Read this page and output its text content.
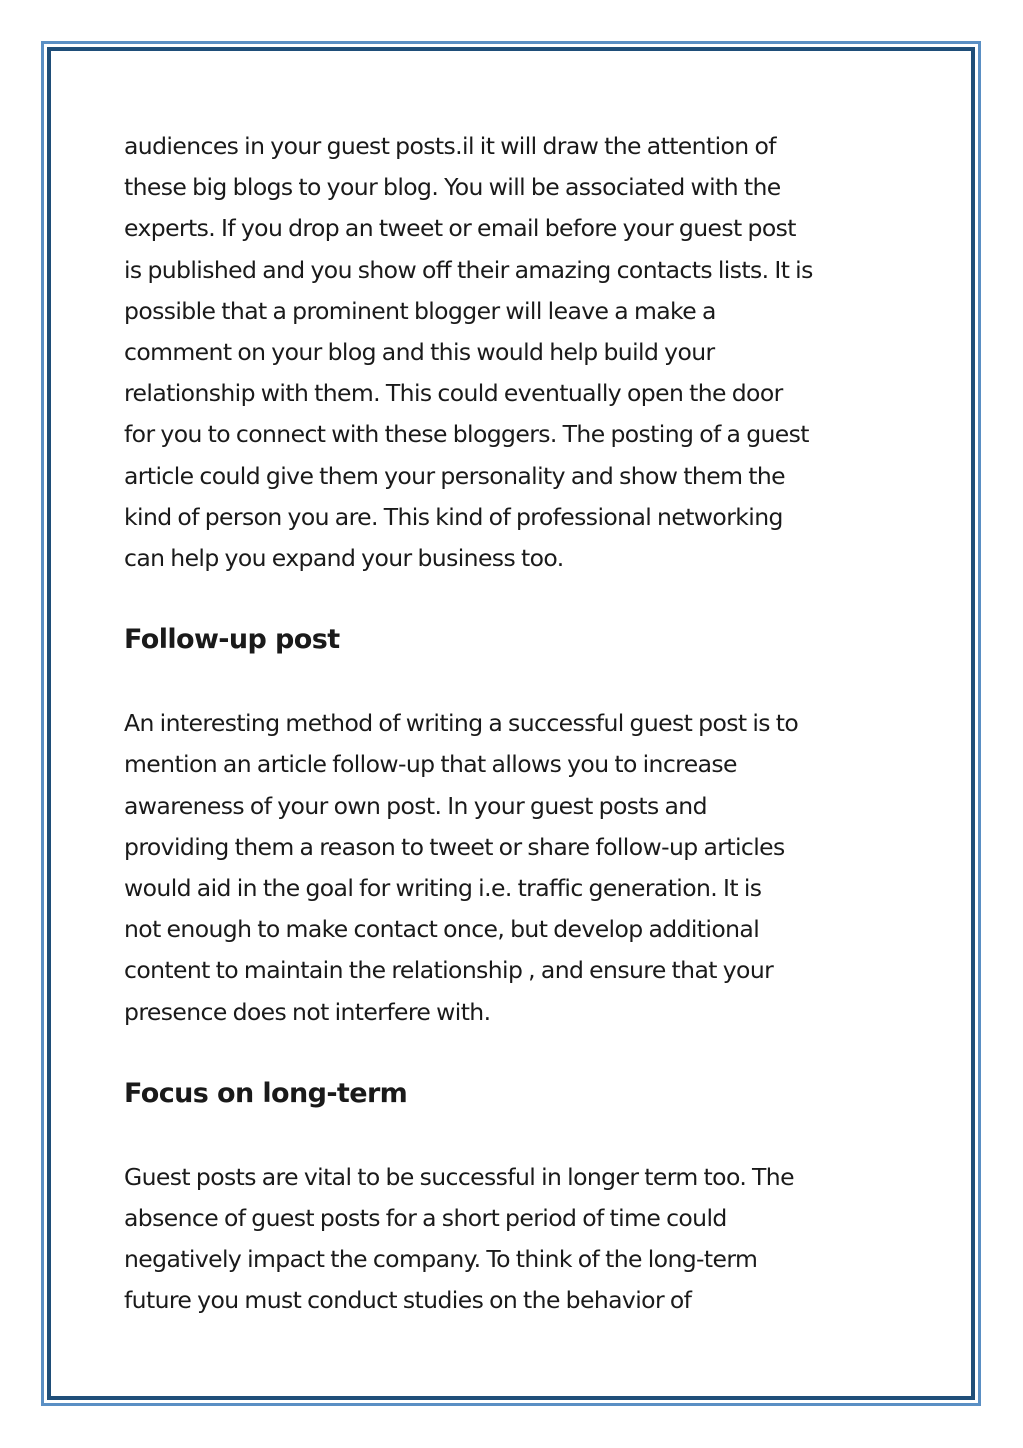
audiences in your guest posts.il it will draw the attention of
these big blogs to your blog. You will be associated with the
experts. If you drop an tweet or email before your guest post
is published and you show off their amazing contacts lists. It is
possible that a prominent blogger will leave a make a
comment on your blog and this would help build your
relationship with them. This could eventually open the door
for you to connect with these bloggers. The posting of a guest
article could give them your personality and show them the
kind of person you are. This kind of professional networking
can help you expand your business too.

Follow-up post

An interesting method of writing a successful guest post is to
mention an article follow-up that allows you to increase
awareness of your own post. In your guest posts and
providing them a reason to tweet or share follow-up articles
would aid in the goal for writing i.e. traffic generation. It is
not enough to make contact once, but develop additional
content to maintain the relationship , and ensure that your
presence does not interfere with.

Focus on long-term

Guest posts are vital to be successful in longer term too. The
absence of guest posts for a short period of time could
negatively impact the company. To think of the long-term
future you must conduct studies on the behavior of
